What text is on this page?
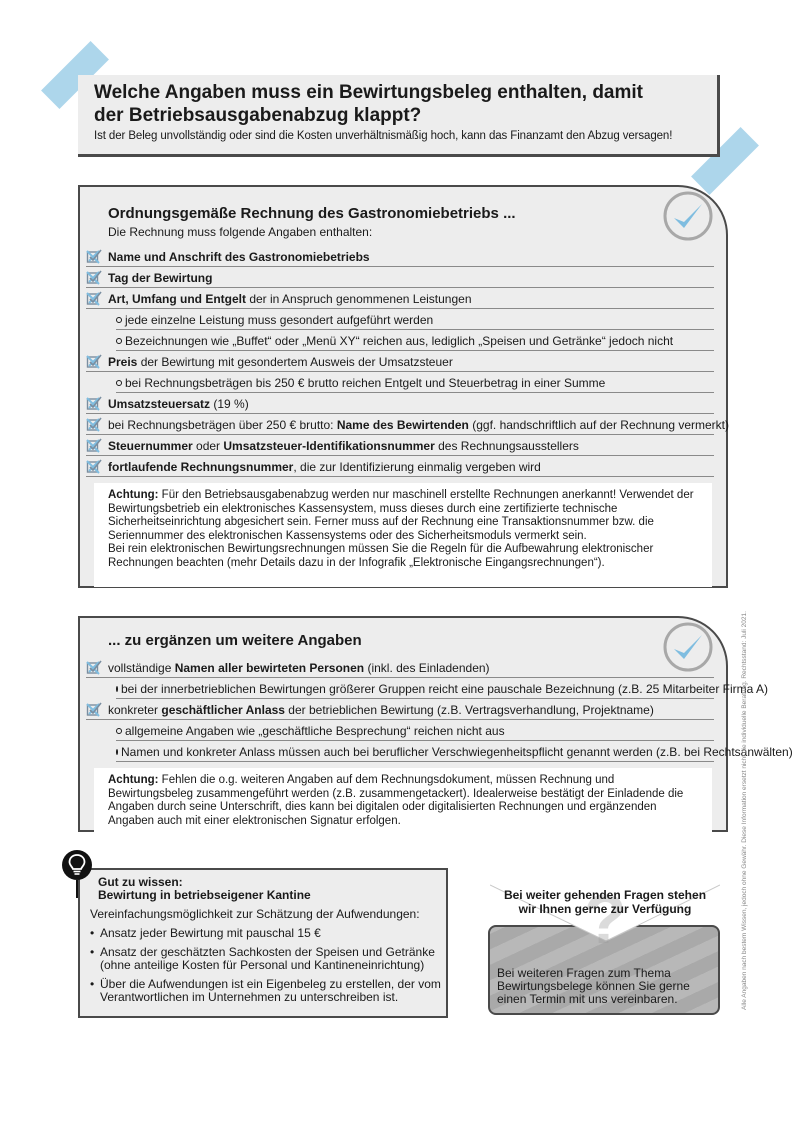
Welche Angaben muss ein Bewirtungsbeleg enthalten, damit
der Betriebsausgabenabzug klappt?
Ist der Beleg unvollständig oder sind die Kosten unverhältnismäßig hoch, kann das Finanzamt den Abzug versagen!
Ordnungsgemäße Rechnung des Gastronomiebetriebs ...
Die Rechnung muss folgende Angaben enthalten:
Name und Anschrift des Gastronomiebetriebs
Tag der Bewirtung
Art, Umfang und Entgelt der in Anspruch genommenen Leistungen
jede einzelne Leistung muss gesondert aufgeführt werden
Bezeichnungen wie „Buffet“ oder „Menü XY“ reichen aus, lediglich „Speisen und Getränke“ jedoch nicht
Preis der Bewirtung mit gesondertem Ausweis der Umsatzsteuer
bei Rechnungsbeträgen bis 250 € brutto reichen Entgelt und Steuerbetrag in einer Summe
Umsatzsteuersatz (19 %)
bei Rechnungsbeträgen über 250 € brutto: Name des Bewirtenden (ggf. handschriftlich auf der Rechnung vermerkt)
Steuernummer oder Umsatzsteuer-Identifikationsnummer des Rechnungsausstellers
fortlaufende Rechnungsnummer , die zur Identifizierung einmalig vergeben wird
Achtung: Für den Betriebsausgabenabzug werden nur maschinell erstellte Rechnungen anerkannt! Verwendet der Bewirtungsbetrieb ein elektronisches Kassensystem, muss dieses durch eine zertifizierte technische Sicherheitseinrichtung abgesichert sein. Ferner muss auf der Rechnung eine Transaktionsnummer bzw. die Seriennummer des elektronischen Kassensystems oder des Sicherheitsmoduls vermerkt sein.
Bei rein elektronischen Bewirtungsrechnungen müssen Sie die Regeln für die Aufbewahrung elektronischer Rechnungen beachten (mehr Details dazu in der Infografik „Elektronische Eingangsrechnungen“).
... zu ergänzen um weitere Angaben
vollständige Namen aller bewirteten Personen (inkl. des Einladenden)
bei der innerbetrieblichen Bewirtungen größerer Gruppen reicht eine pauschale Bezeichnung (z.B. 25 Mitarbeiter Firma A)
konkreter geschäftlicher Anlass der betrieblichen Bewirtung (z.B. Vertragsverhandlung, Projektname)
allgemeine Angaben wie „geschäftliche Besprechung“ reichen nicht aus
Namen und konkreter Anlass müssen auch bei beruflicher Verschwiegenheitspflicht genannt werden (z.B. bei Rechtsanwälten)
Achtung: Fehlen die o.g. weiteren Angaben auf dem Rechnungsdokument, müssen Rechnung und Bewirtungsbeleg zusammengeführt werden (z.B. zusammengetackert). Idealerweise bestätigt der Einladende die Angaben durch seine Unterschrift, dies kann bei digitalen oder digitalisierten Rechnungen und ergänzenden Angaben auch mit einer elektronischen Signatur erfolgen.	Alle Angaben nach bestem Wissen, jedoch ohne Gewähr. Diese Information ersetzt nicht die individuelle Beratung. Rechtsstand: Juli 2021.
Gut zu wissen:
Bewirtung in betriebseigener Kantine
Vereinfachungsmöglichkeit zur Schätzung der Aufwendungen:
• Ansatz jeder Bewirtung mit pauschal 15 €
• Ansatz der geschätzten Sachkosten der Speisen und Getränke (ohne anteilige Kosten für Personal und Kantineneinrichtung)
• Über die Aufwendungen ist ein Eigenbeleg zu erstellen, der vom Verantwortlichen im Unternehmen zu unterschreiben ist.
?
Bei weiter gehenden Fragen stehen wir Ihnen gerne zur Verfügung
Bei weiteren Fragen zum Thema Bewirtungsbelege können Sie gerne einen Termin mit uns vereinbaren.
